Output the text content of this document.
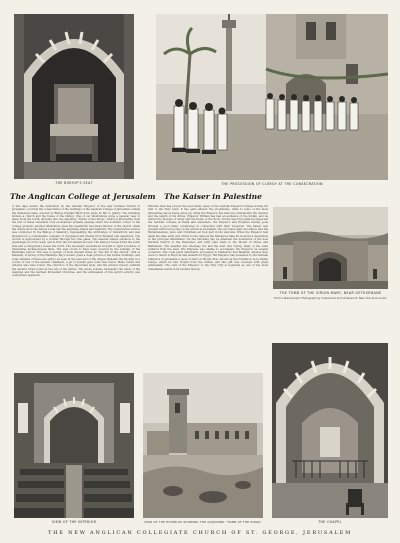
THE BISHOP'S SEAT	THE PROCESSION OF CLERGY AT THE CONSECRATION
The Anglican College at Jerusalem	The Kaiser in Palestine
A few days before the dedication by the German Emperor of the new German Church in Jerusalem, occurred the consecration of the buildings of the Anglican College of Jerusalem outside the Damascus Gate, erected by Bishop Popham Blyth from plans by Mr. G. Jeffery. The buildings include a church and the house of the bishop. One of our illustrations gives a general view of these from the north, showing also the adjoining "Tombs of the Kings," which is interesting from the fact of these venerable rock excavations actually passing under the northern corner of the college grounds. Another illustration gives the beautifully decorated interior of the church, while the others show the bishop's seat and the adjoining chapel and baptistry. The consecration service was conducted by the Bishop of Salisbury, representing the Archbishop of Canterbury, and was attended by a considerable company of clergymen and friends from England and elsewhere. The church is approached by a cloister through two fine gates. The massive walled entrance to the quadrangle is on the west, and is from the old Damascus road. The bishop's house forms the south side and a clergyman's house the north. The necessary excavations brought to light a number of interesting archaeological finds. The east crown to have been covered by the remains of the Byzantine period. The new is spoken of from ancient times as "the hill of the church" (Tell el Keniseh). A survey of the Hamidiye Bey's mosaic gives a clear picture of the former buildings, and some remains of these are still to be seen at the east end of the chapel. Beneath the flooring in a corner of one of the ancient chambers, a jar of Jewish gold coins was found. Many tombs and cisterns also were found. The church is of the Decorated style, and the window tracery exhibits the ancient forms found at the site of the shrine. The whole scheme represents the union of the Anglican and the German Protestant Churches, and the enthusiasm of this spirit's activity was everywhere apparent.
Extreme heat has proved the most likely cause of the German Emperor's illness during his visit to the Holy Land. It has quite altered the programme, visits to some of the most interesting places being given up, while the Emperor has reduced considerably the number and the length of his drives. Emperor William has had an audience of the Sultan, and he visited the mosque of Omar and the Dome of the Rock. On his way from Jaffa he inspected the German colonies at Haifa and elsewhere, the Emperor and Empress having gone through a good many ceremonies in connection with their reception. The Kaiser was greeted with much pomp on his arrival at Jerusalem, the city being gaily decorated, and the Mohammedans, Jews, and Christians all took part in the welcome. When the Emperor had made his state entry and driven to the camp at the Damascus Gate he received a deputation of the principal inhabitants. On the following day he attended the dedication of the new German Church of the Redeemer, and later paid visits to the Mount of Olives and Bethlehem. The weather was intensely hot and the dust very trying; many of the suite suffered from the heat. The Empress was unable to accompany the Emperor on several occasions. The royal party afterwards proceeded to Damascus and Baalbek, whence they were to return to Beyrout and embark for Egypt. The Emperor has presented to the German Catholics of Jerusalem a piece of land on Mount Zion, known as the Dormition de la Sainte Vierge, which he had bought from the Sultan, and this gift was received with great enthusiasm. The visit of the Emperor to the Holy City is regarded as one of the most remarkable events in its modern history.
THE TOMB OF THE VIRGIN MARY, NEAR GETHSEMANE
From a Stereoscopic Photograph by Underwood and Underwood, New York and London
VIEW OF THE INTERIOR	VIEW OF THE EXTERIOR SHOWING THE ADJOINING "TOMB OF THE KINGS"	THE CHAPEL
THE NEW ANGLICAN COLLEGIATE CHURCH OF ST. GEORGE, JERUSALEM
